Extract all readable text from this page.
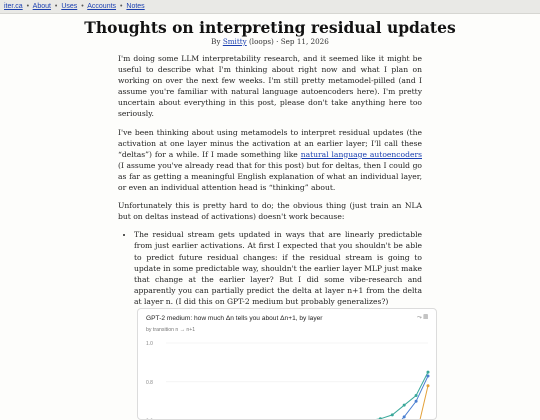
iter.ca • About • Uses • Accounts • Notes
Thoughts on interpreting residual updates
By Smitty (loops) · Sep 11, 2026

I'm doing some LLM interpretability research, and it seemed like it might be useful to describe what I'm thinking about right now and what I plan on working on over the next few weeks. I'm still pretty metamodel-pilled (and I assume you're familiar with natural language autoencoders here). I'm pretty uncertain about everything in this post, please don't take anything here too seriously.

I've been thinking about using metamodels to interpret residual updates (the activation at one layer minus the activation at an earlier layer; I'll call these “deltas”) for a while. If I made something like natural language autoencoders (I assume you've already read that for this post) but for deltas, then I could go as far as getting a meaningful English explanation of what an individual layer, or even an individual attention head is “thinking” about.

Unfortunately this is pretty hard to do; the obvious thing (just train an NLA but on deltas instead of activations) doesn't work because:

• The residual stream gets updated in ways that are linearly predictable from just earlier activations. At first I expected that you shouldn't be able to predict future residual changes: if the residual stream is going to update in some predictable way, shouldn't the earlier layer MLP just make that change at the earlier layer? But I did some vibe-research and apparently you can partially predict the delta at layer n+1 from the delta at layer n. (I did this on GPT-2 medium but probably generalizes?)
1.0
0.8
GPT-2 medium: how much Δn tells you about Δn+1, by layer
by transition n → n+1
⤳ ▤
